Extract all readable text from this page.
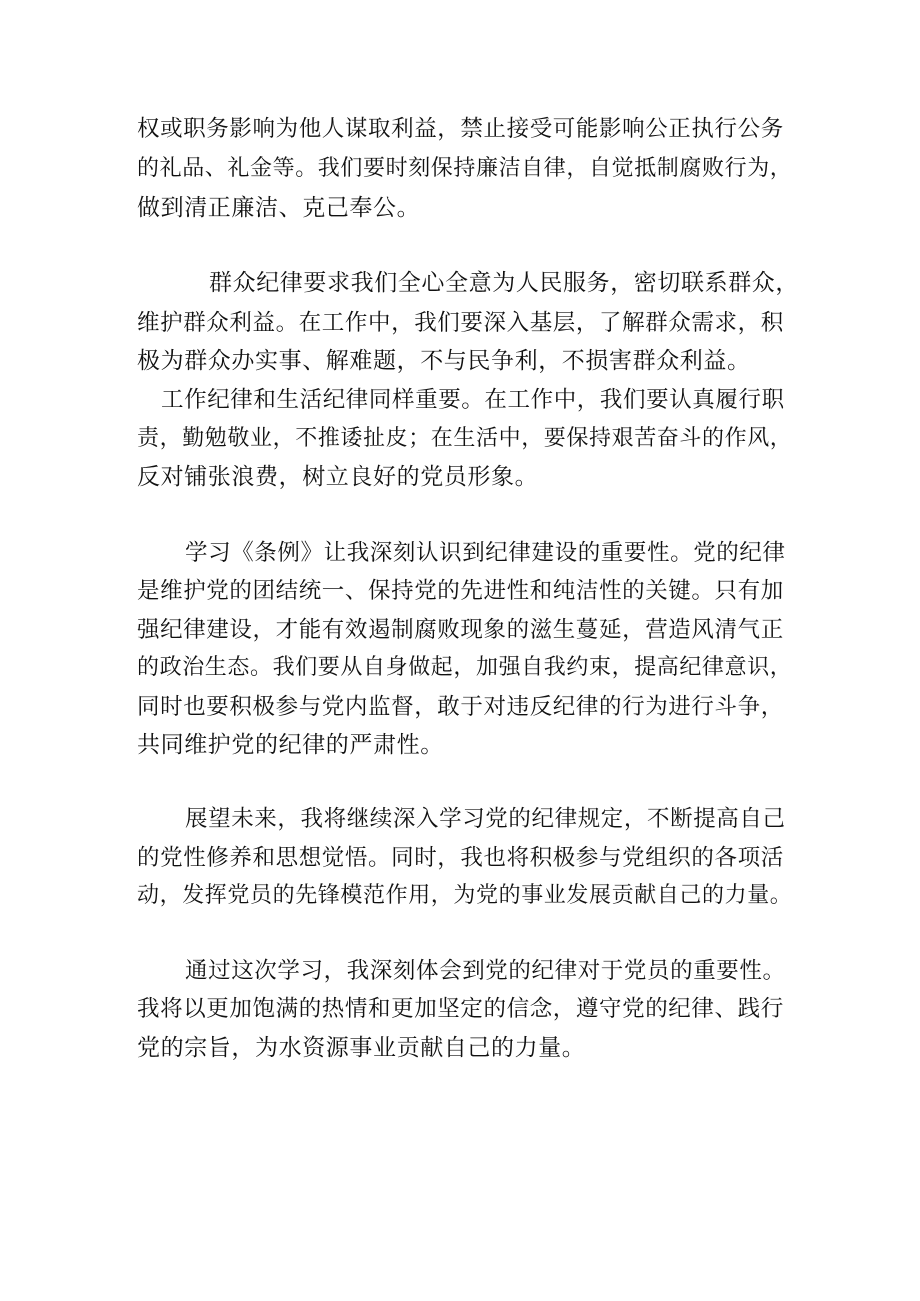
权或职务影响为他人谋取利益，禁止接受可能影响公正执行公务
的礼品、礼金等。我们要时刻保持廉洁自律，自觉抵制腐败行为，
做到清正廉洁、克己奉公。
群众纪律要求我们全心全意为人民服务，密切联系群众，
维护群众利益。在工作中，我们要深入基层，了解群众需求，积
极为群众办实事、解难题，不与民争利，不损害群众利益。
工作纪律和生活纪律同样重要。在工作中，我们要认真履行职
责，勤勉敬业，不推诿扯皮；在生活中，要保持艰苦奋斗的作风，
反对铺张浪费，树立良好的党员形象。
学习《条例》让我深刻认识到纪律建设的重要性。党的纪律
是维护党的团结统一、保持党的先进性和纯洁性的关键。只有加
强纪律建设，才能有效遏制腐败现象的滋生蔓延，营造风清气正
的政治生态。我们要从自身做起，加强自我约束，提高纪律意识，
同时也要积极参与党内监督，敢于对违反纪律的行为进行斗争，
共同维护党的纪律的严肃性。
展望未来，我将继续深入学习党的纪律规定，不断提高自己
的党性修养和思想觉悟。同时，我也将积极参与党组织的各项活
动，发挥党员的先锋模范作用，为党的事业发展贡献自己的力量。
通过这次学习，我深刻体会到党的纪律对于党员的重要性。
我将以更加饱满的热情和更加坚定的信念，遵守党的纪律、践行
党的宗旨，为水资源事业贡献自己的力量。
